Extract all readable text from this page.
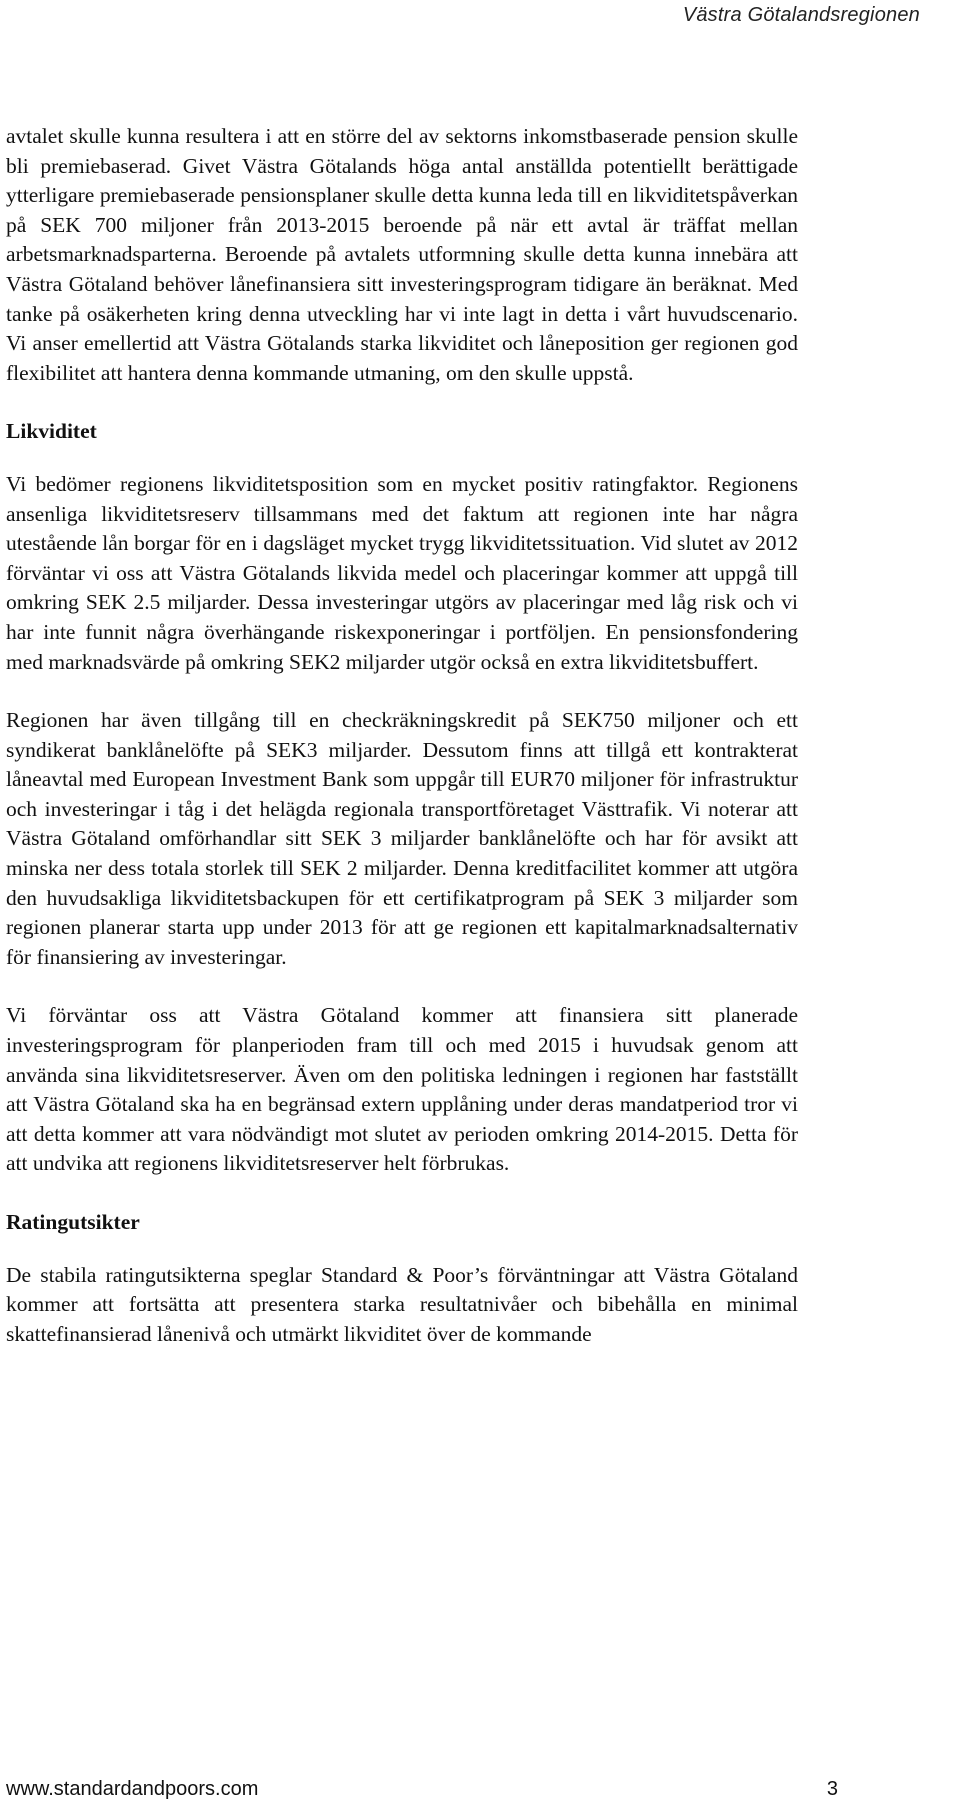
Västra Götalandsregionen

avtalet skulle kunna resultera i att en större del av sektorns inkomstbaserade pension skulle bli premiebaserad. Givet Västra Götalands höga antal anställda potentiellt berättigade ytterligare premiebaserade pensionsplaner skulle detta kunna leda till en likviditetspåverkan på SEK 700 miljoner från 2013-2015 beroende på när ett avtal är träffat mellan arbetsmarknadsparterna. Beroende på avtalets utformning skulle detta kunna innebära att Västra Götaland behöver lånefinansiera sitt investeringsprogram tidigare än beräknat. Med tanke på osäkerheten kring denna utveckling har vi inte lagt in detta i vårt huvudscenario. Vi anser emellertid att Västra Götalands starka likviditet och låneposition ger regionen god flexibilitet att hantera denna kommande utmaning, om den skulle uppstå.

Likviditet

Vi bedömer regionens likviditetsposition som en mycket positiv ratingfaktor. Regionens ansenliga likviditetsreserv tillsammans med det faktum att regionen inte har några utestående lån borgar för en i dagsläget mycket trygg likviditetssituation. Vid slutet av 2012 förväntar vi oss att Västra Götalands likvida medel och placeringar kommer att uppgå till omkring SEK 2.5 miljarder. Dessa investeringar utgörs av placeringar med låg risk och vi har inte funnit några överhängande riskexponeringar i portföljen. En pensionsfondering med marknadsvärde på omkring SEK2 miljarder utgör också en extra likviditetsbuffert.

Regionen har även tillgång till en checkräkningskredit på SEK750 miljoner och ett syndikerat banklånelöfte på SEK3 miljarder. Dessutom finns att tillgå ett kontrakterat låneavtal med European Investment Bank som uppgår till EUR70 miljoner för infrastruktur och investeringar i tåg i det helägda regionala transportföretaget Västtrafik. Vi noterar att Västra Götaland omförhandlar sitt SEK 3 miljarder banklånelöfte och har för avsikt att minska ner dess totala storlek till SEK 2 miljarder. Denna kreditfacilitet kommer att utgöra den huvudsakliga likviditetsbackupen för ett certifikatprogram på SEK 3 miljarder som regionen planerar starta upp under 2013 för att ge regionen ett kapitalmarknadsalternativ för finansiering av investeringar.

Vi förväntar oss att Västra Götaland kommer att finansiera sitt planerade investeringsprogram för planperioden fram till och med 2015 i huvudsak genom att använda sina likviditetsreserver. Även om den politiska ledningen i regionen har fastställt att Västra Götaland ska ha en begränsad extern upplåning under deras mandatperiod tror vi att detta kommer att vara nödvändigt mot slutet av perioden omkring 2014-2015. Detta för att undvika att regionens likviditetsreserver helt förbrukas.

Ratingutsikter

De stabila ratingutsikterna speglar Standard & Poor’s förväntningar att Västra Götaland kommer att fortsätta att presentera starka resultatnivåer och bibehålla en minimal skattefinansierad lånenivå och utmärkt likviditet över de kommande

www.standardandpoors.com	3
